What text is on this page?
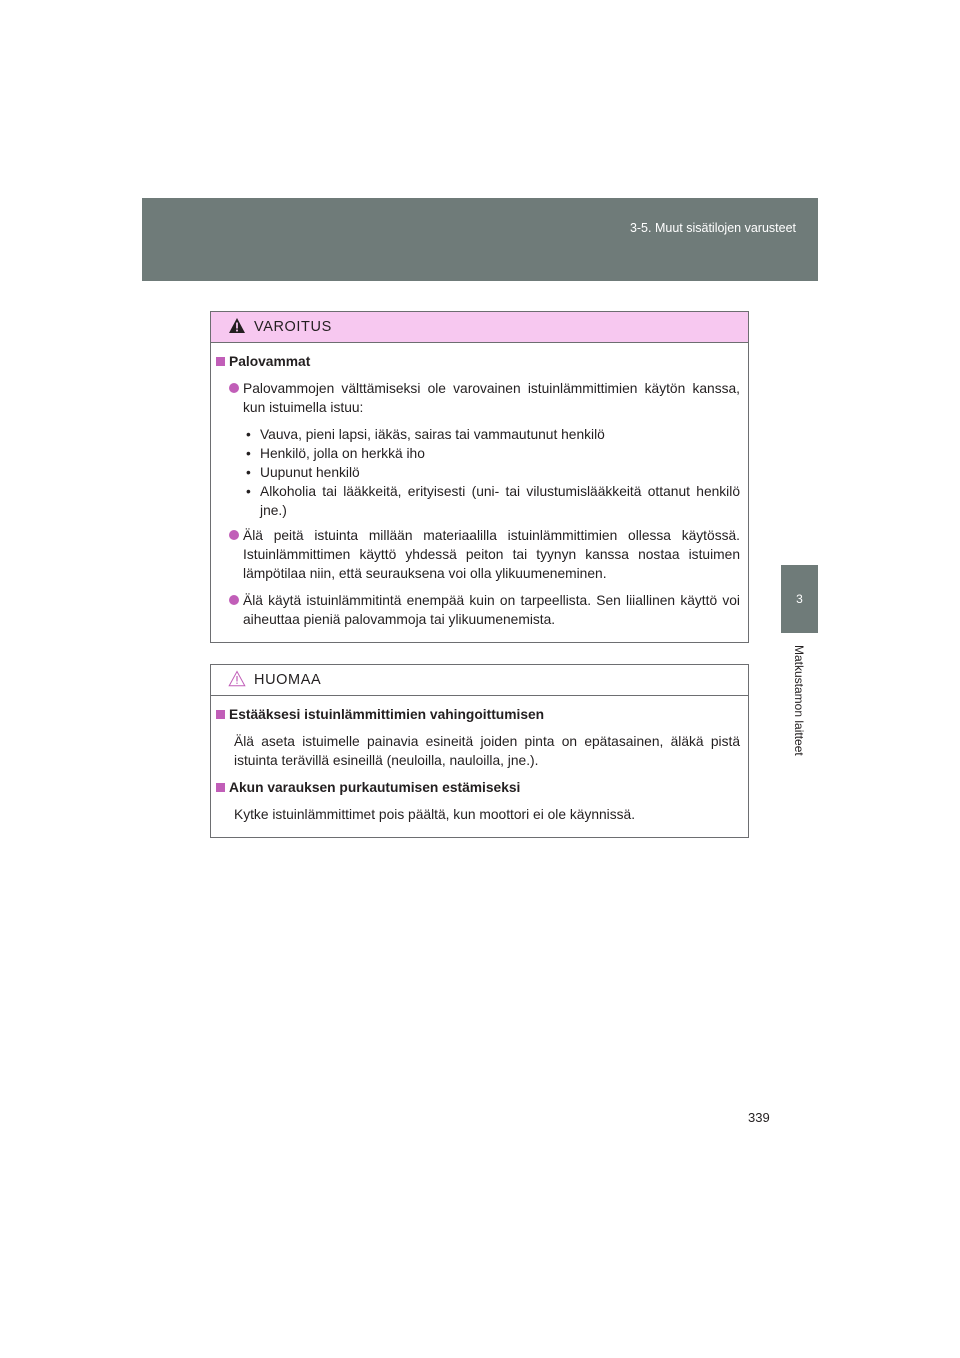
3-5. Muut sisätilojen varusteet
3
Matkustamon laitteet
VAROITUS
Palovammat
Palovammojen välttämiseksi ole varovainen istuinlämmittimien käytön kanssa, kun istuimella istuu:
• Vauva, pieni lapsi, iäkäs, sairas tai vammautunut henkilö
• Henkilö, jolla on herkkä iho
• Uupunut henkilö
• Alkoholia tai lääkkeitä, erityisesti (uni- tai vilustumislääkkeitä ottanut henkilö jne.)
Älä peitä istuinta millään materiaalilla istuinlämmittimien ollessa käytössä. Istuinlämmittimen käyttö yhdessä peiton tai tyynyn kanssa nostaa istuimen lämpötilaa niin, että seurauksena voi olla ylikuumeneminen.
Älä käytä istuinlämmitintä enempää kuin on tarpeellista. Sen liiallinen käyttö voi aiheuttaa pieniä palovammoja tai ylikuumenemista.
HUOMAA
Estääksesi istuinlämmittimien vahingoittumisen
Älä aseta istuimelle painavia esineitä joiden pinta on epätasainen, äläkä pistä istuinta terävillä esineillä (neuloilla, nauloilla, jne.).
Akun varauksen purkautumisen estämiseksi
Kytke istuinlämmittimet pois päältä, kun moottori ei ole käynnissä.
339
